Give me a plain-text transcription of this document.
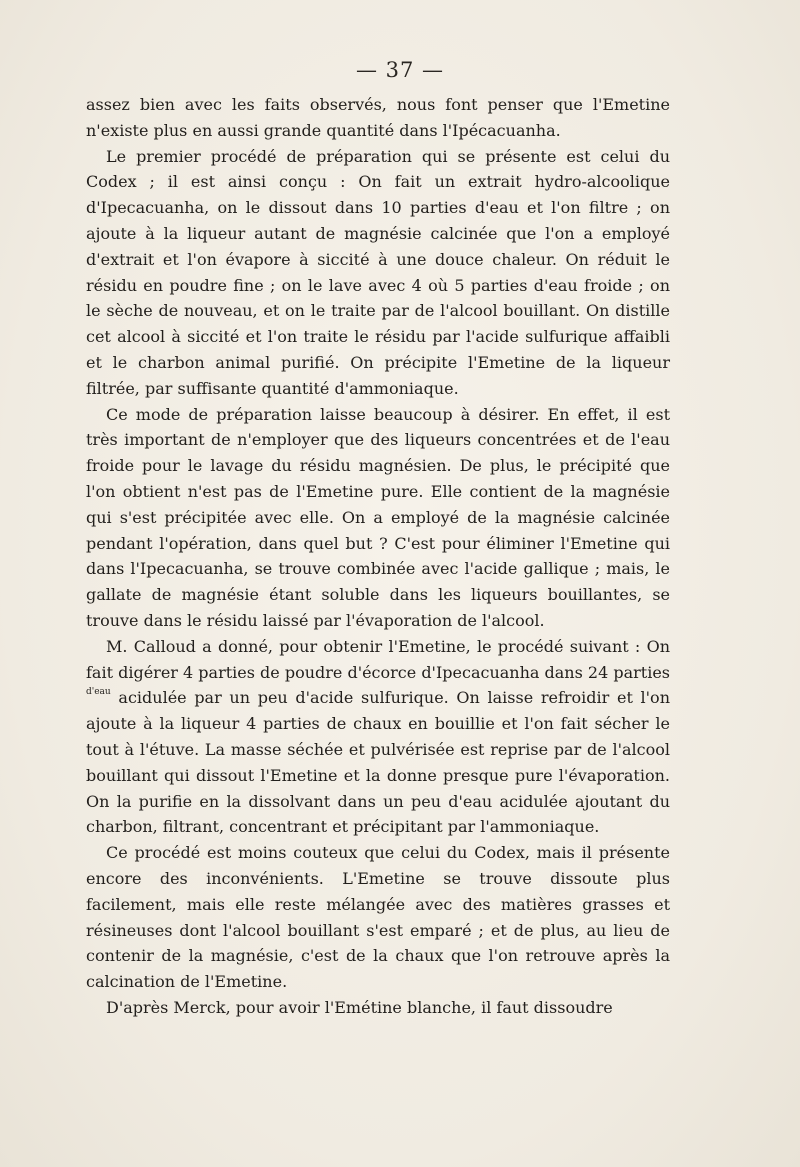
— 37 —

assez bien avec les faits observés, nous font penser que l'Emetine n'existe plus en aussi grande quantité dans l'Ipécacuanha.

Le premier procédé de préparation qui se présente est celui du Codex ; il est ainsi conçu : On fait un extrait hydro-alcoolique d'Ipecacuanha, on le dissout dans 10 parties d'eau et l'on filtre ; on ajoute à la liqueur autant de magnésie calcinée que l'on a employé d'extrait et l'on évapore à siccité à une douce chaleur. On réduit le résidu en poudre fine ; on le lave avec 4 où 5 parties d'eau froide ; on le sèche de nouveau, et on le traite par de l'alcool bouillant. On distille cet alcool à siccité et l'on traite le résidu par l'acide sulfurique affaibli et le charbon animal purifié. On précipite l'Emetine de la liqueur filtrée, par suffisante quantité d'ammoniaque.

Ce mode de préparation laisse beaucoup à désirer. En effet, il est très important de n'employer que des liqueurs concentrées et de l'eau froide pour le lavage du résidu magnésien. De plus, le précipité que l'on obtient n'est pas de l'Emetine pure. Elle contient de la magnésie qui s'est précipitée avec elle. On a employé de la magnésie calcinée pendant l'opération, dans quel but ? C'est pour éliminer l'Emetine qui dans l'Ipecacuanha, se trouve combinée avec l'acide gallique ; mais, le gallate de magnésie étant soluble dans les liqueurs bouillantes, se trouve dans le résidu laissé par l'évaporation de l'alcool.

M. Calloud a donné, pour obtenir l'Emetine, le procédé suivant : On fait digérer 4 parties de poudre d'écorce d'Ipecacuanha dans 24 parties $^{d'eau}$ acidulée par un peu d'acide sulfurique. On laisse refroidir et l'on ajoute à la liqueur 4 parties de chaux en bouillie et l'on fait sécher le tout à l'étuve. La masse séchée et pulvérisée est reprise par de l'alcool bouillant qui dissout l'Emetine et la donne presque pure l'évaporation. On la purifie en la dissolvant dans un peu d'eau acidulée ajoutant du charbon, filtrant, concentrant et précipitant par l'ammoniaque.

Ce procédé est moins couteux que celui du Codex, mais il présente encore des inconvénients. L'Emetine se trouve dissoute plus facilement, mais elle reste mélangée avec des matières grasses et résineuses dont l'alcool bouillant s'est emparé ; et de plus, au lieu de contenir de la magnésie, c'est de la chaux que l'on retrouve après la calcination de l'Emetine.

D'après Merck, pour avoir l'Emétine blanche, il faut dissoudre
